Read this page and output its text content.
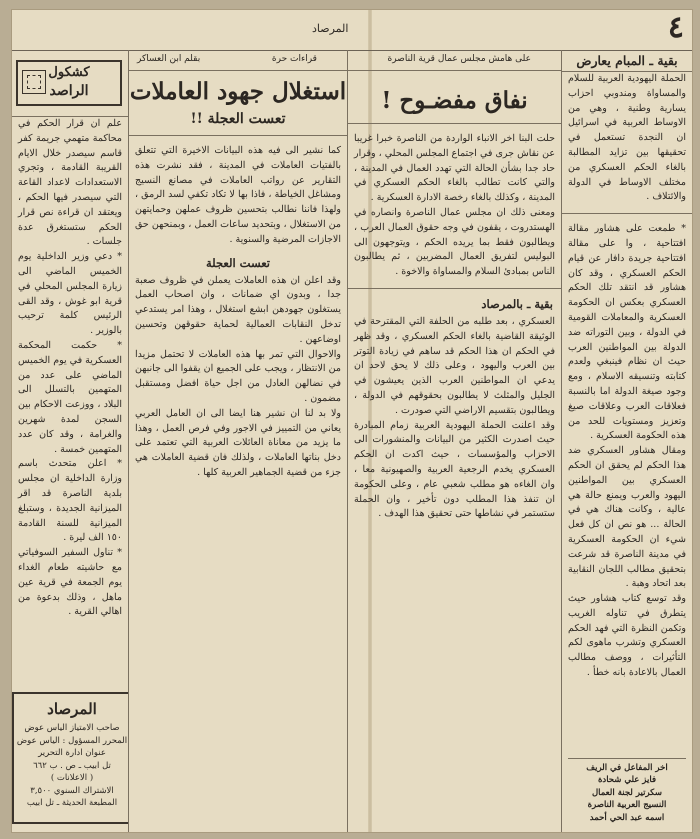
٤
المرصاد
بقية ـ المبام يعارض

الحملة اليهودية العربية للسلام والمساواة ومندوبي احزاب يسارية وطنية ، وهي من الاوساط العربية في اسرائيل ان النجدة تستعمل في تحقيقها بين تزايد المطالبة بالغاء الحكم العسكري من مختلف الاوساط في الدولة والائتلاف .

* طمعت على هشاور مقالة افتتاحية ، وا على مقالة افتتاحية جريدة دافار عن قيام الحكم العسكري ، وقد كان هشاور قد انتقد تلك الحكم العسكري بعكس ان الحكومة العسكرية والمعاملات القومية في الدولة ، وبين التوراته ضد الدولة بين المواطنين العرب حيث ان نظام فينبغي ولعدم كتابته وتنسيقه الاسلام ، ومع وجود صيغة الدولة اما بالنسبة فعلاقات العرب وعلاقات صيغ وتعزيز ومستويات للحد من هذه الحكومة العسكرية .

ومقال هشاور العسكري ضد هذا الحكم لم يحقق ان الحكم العسكري بين المواطنين اليهود والعرب ويمنع حالة هي عالية ، وكانت هناك هي في الحالة ... هو نص ان كل فعل شيء ان الحكومة العسكرية في مدينة الناصرة قد شرعت بتحقيق مطالب اللجان النقابية بعد اتحاد وهبة .

وقد توسع كتاب هشاور حيث يتطرق في تناوله الغريب وتكمن النظرة التي فهد الحكم العسكري وتشرب ماهوى لكم التأثيرات ، ووصف مطالب العمال بالاعادة بانه خطأ .

اخر المفاعل في الريف
فايز علي شحادة
سكرتير لجنة العمال
النسيج العربية الناصرة
اسمه عبد الحي أحمد
على هامش مجلس عمال قرية الناصرة
نفاق مفضـوح !

حلت البنا اخر الانباء الواردة من الناصرة خبرا غريبا عن نقاش جرى في اجتماع المجلس المحلي ، وقرار حاد جدا بشأن الحالة التي تهدد العمال في المدينة ، والتي كانت تطالب بالغاء الحكم العسكري في المدينة ، وكذلك بالغاء رخصة الادارة العسكرية .

ومعنى ذلك ان مجلس عمال الناصرة وانصاره في الهستدروت ، يقفون في وجه حقوق العمال العرب ، ويطالبون فقط بما يريده الحكم ، ويتوجهون الى البوليس لتفريق العمال المضربين ، ثم يطالبون الناس بمبادئ السلام والمساواة والاخوة .

بقية ـ بالمرصاد

العسكري ، بعد طلبه من الحلفة التي المقترحة في الوثيقة القاضية بالغاء الحكم العسكري ، وقد ظهر في الحكم ان هذا الحكم قد ساهم في زيادة التوتر بين العرب واليهود ، وعلى ذلك لا يحق لاحد ان يدعي ان المواطنين العرب الذين يعيشون في الجليل والمثلث لا يطالبون بحقوقهم في الدولة ، ويطالبون بتقسيم الاراضي التي صودرت .

وقد اعلنت الحملة اليهودية العربية زمام المبادرة حيث اصدرت الكثير من البيانات والمنشورات الى الاحزاب والمؤسسات ، حيث اكدت ان الحكم العسكري يخدم الرجعية العربية والصهيونية معا ، وان الغاءه هو مطلب شعبي عام ، وعلى الحكومة ان تنفذ هذا المطلب دون تأخير ، وان الحملة ستستمر في نشاطها حتى تحقيق هذا الهدف .

بقلم ابن العساكر	قراءات حرة
استغلال جهود العاملات
تعست العجلة !!

كما نشير الى فيه هذه البيانات الاخيرة التي تتعلق بالفتيات العاملات في المدينة ، فقد نشرت هذه التقارير عن رواتب العاملات في مصانع النسيج ومشاغل الخياطة ، فاذا بها لا تكاد تكفي لسد الرمق ، ولهذا فاننا نطالب بتحسين ظروف عملهن وحمايتهن من الاستغلال ، وبتحديد ساعات العمل ، وبمنحهن حق الاجازات المرضية والسنوية .

تعست العجلة

وقد اعلن ان هذه العاملات يعملن في ظروف صعبة جدا ، وبدون اي ضمانات ، وان اصحاب العمل يستغلون جهودهن ابشع استغلال ، وهذا امر يستدعي تدخل النقابات العمالية لحماية حقوقهن وتحسين اوضاعهن .

والاحوال التي تمر بها هذه العاملات لا تحتمل مزيدا من الانتظار ، ويجب على الجميع ان يقفوا الى جانبهن في نضالهن العادل من اجل حياة افضل ومستقبل مضمون .

ولا بد لنا ان نشير هنا ايضا الى ان العامل العربي يعاني من التمييز في الاجور وفي فرص العمل ، وهذا ما يزيد من معاناة العائلات العربية التي تعتمد على دخل بناتها العاملات ، ولذلك فان قضية العاملات هي جزء من قضية الجماهير العربية كلها .

كشكول
الراصد

علم ان قرار الحكم في محاكمة متهمي جريمة كفر قاسم سيصدر خلال الايام القريبة القادمة ، وتجري الاستعدادات لاعداد القاعة التي سيصدر فيها الحكم ، ويعتقد ان قراءة نص قرار الحكم ستستغرق عدة جلسات .

* دعي وزير الداخلية يوم الخميس الماضي الى زيارة المجلس المحلي في قرية ابو غوش ، وقد القى الرئيس كلمة ترحيب بالوزير .

* حكمت المحكمة العسكرية في يوم الخميس الماضي على عدد من المتهمين بالتسلل الى البلاد ، ووزعت الاحكام بين السجن لمدة شهرين والغرامة ، وقد كان عدد المتهمين خمسة .

* اعلن متحدث باسم وزارة الداخلية ان مجلس بلدية الناصرة قد اقر الميزانية الجديدة ، وستبلغ الميزانية للسنة القادمة ١٥٠ الف ليرة .

* تناول السفير السوفياتي مع حاشيته طعام الغداء يوم الجمعة في قرية عين ماهل ، وذلك بدعوة من اهالي القرية .

المرصاد
صاحب الامتياز الياس عوض
المحرر المسؤول : الياس عوض
عنوان ادارة التحرير
تل ابيب ـ ص . ب ٦٦٢
( الاعلانات )
الاشتراك السنوي ٣,٥٠٠
المطبعة الحديثة ـ تل ابيب
